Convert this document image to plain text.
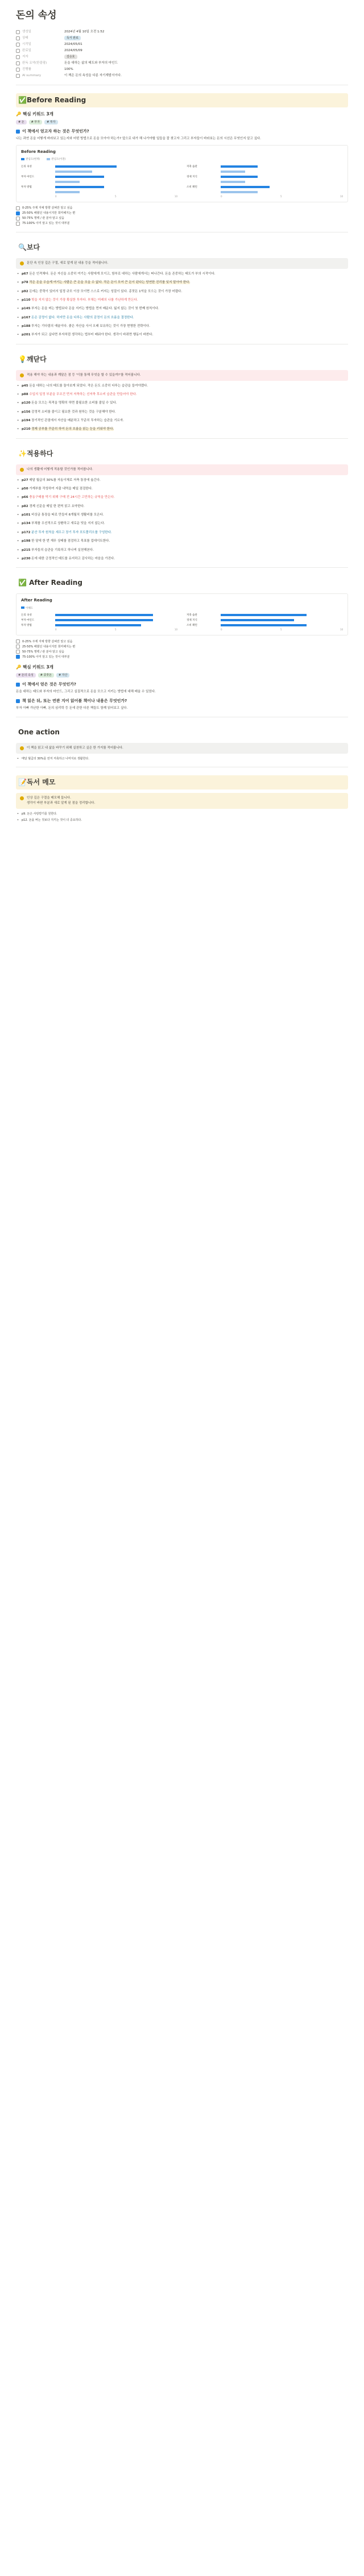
돈의 속성
생성일	2024년 4월 10일 오전 1:52
상태	독서 완료
시작일	2024/05/01
완료일	2024/05/09
저자	김승호
완독 요약(한줄평)	돈을 대하는 삶의 태도와 부자의 마인드
진행률	100%
AI summary	이 책은 돈의 속성을 다룬 자기계발서이다.
✅Before Reading
🔑 핵심 키워드 3개
# 돈 # 부자 # 투자
이 책에서 얻고자 하는 것은 무엇인가?
나는 과연 돈을 어떻게 바라보고 있는지와 어떤 방법으로 돈을 모아야 하는가? 앞으로 내가 해 나가야할 일들을 잘 찾고자 그리고 부자들이 바라보는 돈의 시선은 무엇인지 알고 싶다.
Before Reading
관심도(현재)	관심도(이전)
돈의 속성
부자 마인드
투자 방법
0	5	10
저축 습관
경제 지식
소비 패턴
0	5	10
0-25% 주제 자체 방향 살펴만 알고 싶음
25-50% 배웠던 내용이지만 희미해지는 편
50-75% 명백 / 관 분야 알고 싶음
75-100% 이미 알고 있는 것이 대부분
🔍보다
문단 속 인상 깊은 구절, 새로 알게 된 내용 등을 적어봅니다.
• p67 돈은 인격체다. 돈은 자신을 소중히 여기는 사람에게 모이고, 함부로 대하는 사람에게서는 떠나간다. 돈을 존중하는 태도가 부의 시작이다.
• p78 작은 돈을 우습게 여기는 사람은 큰 돈을 모을 수 없다. 작은 돈이 모여 큰 돈이 된다는 당연한 진리를 잊지 말아야 한다.
• p92 돈에는 중력이 있어서 일정 규모 이상 모이면 스스로 커지는 성질이 있다. 종잣돈 1억을 모으는 것이 가장 어렵다.
• p110 빚을 지지 않는 것이 가장 확실한 투자다. 부채는 미래의 나를 가난하게 만든다.
• p145 부자는 돈을 버는 방법보다 돈을 지키는 방법을 먼저 배운다. 잃지 않는 것이 첫 번째 원칙이다.
• p167 돈은 감정이 없다. 하지만 돈을 다루는 사람의 감정이 돈의 흐름을 결정한다.
• p188 투자는 기다림의 예술이다. 좋은 자산을 사서 오래 보유하는 것이 가장 현명한 전략이다.
• p201 부자가 되고 싶다면 부자처럼 생각하는 법부터 배워야 한다. 생각이 바뀌면 행동이 바뀐다.
💡깨닫다
적용 해야 하는 내용과 깨달은 점 등 '이를 통해 무엇을 할 수 있을까?'를 적어봅니다.
• p45 돈을 대하는 나의 태도를 돌아보게 되었다. 작은 돈도 소중히 다루는 습관을 들여야겠다.
• p88 수입의 일정 부분을 무조건 먼저 저축하는 선저축 후소비 습관을 만들어야 한다.
• p120 돈을 모으는 목적을 명확히 하면 불필요한 소비를 줄일 수 있다.
• p156 감정적 소비를 줄이고 필요한 것과 원하는 것을 구분해야 한다.
• p194 장기적인 관점에서 자산을 배분하고 꾸준히 투자하는 습관을 기르자.
• p210 경제 공부를 꾸준히 하여 돈의 흐름을 읽는 눈을 키워야 한다.
✨적용하다
나의 생활에 어떻게 적용할 것인가를 적어봅니다.
• p27 매달 월급의 30%를 자동이체로 저축 통장에 옮긴다.
• p50 가계부를 작성하여 지출 내역을 매일 점검한다.
• p66 충동구매를 막기 위해 구매 전 24시간 고민하는 규칙을 만든다.
• p82 경제 신문을 매일 한 편씩 읽고 요약한다.
• p101 비상금 통장을 따로 만들어 6개월치 생활비를 모은다.
• p134 부채를 우선적으로 상환하고 새로운 빚을 지지 않는다.
• p172 분산 투자 원칙을 세우고 장기 투자 포트폴리오를 구성한다.
• p198 한 달에 한 번 재무 상태를 점검하고 목표를 업데이트한다.
• p215 부자들의 습관을 기록하고 하나씩 실천해본다.
• p230 돈에 대한 긍정적인 태도를 유지하고 감사하는 마음을 가진다.
✅ After Reading
After Reading
이해도
돈의 속성
부자 마인드
투자 방법
0	5	10
저축 습관
경제 지식
소비 패턴
0	5	10
0-25% 주제 자체 방향 살펴만 알고 싶음
25-50% 배웠던 내용이지만 희미해지는 편
50-75% 명백 / 관 분야 알고 싶음
75-100% 이미 알고 있는 것이 대부분
🔑 핵심 키워드 3개
# 돈의 속성 # 종잣돈 # 자산
이 책에서 얻은 것은 무엇인가?
돈을 대하는 태도와 부자의 마인드, 그리고 실질적으로 돈을 모으고 지키는 방법에 대해 배울 수 있었다.
책 읽은 뒤, 또는 연관 지어 읽어볼 책이나 내용은 무엇인가?
부자 아빠 가난한 아빠, 돈의 심리학 등 돈에 관한 다른 책들도 함께 읽어보고 싶다.
One action
이 책을 읽고 내 삶을 바꾸기 위해 실천하고 싶은 한 가지를 적어봅니다.
• 매달 월급의 30%를 먼저 저축하고 나머지로 생활한다.
📝독서 메모
인상 깊은 구절을 메모해 둡니다.
생각이 바뀐 부분과 새로 알게 된 점을 정리합니다.
• p9. 돈은 사랑받기를 원한다.
• p12. 돈을 버는 것보다 지키는 것이 더 중요하다.
